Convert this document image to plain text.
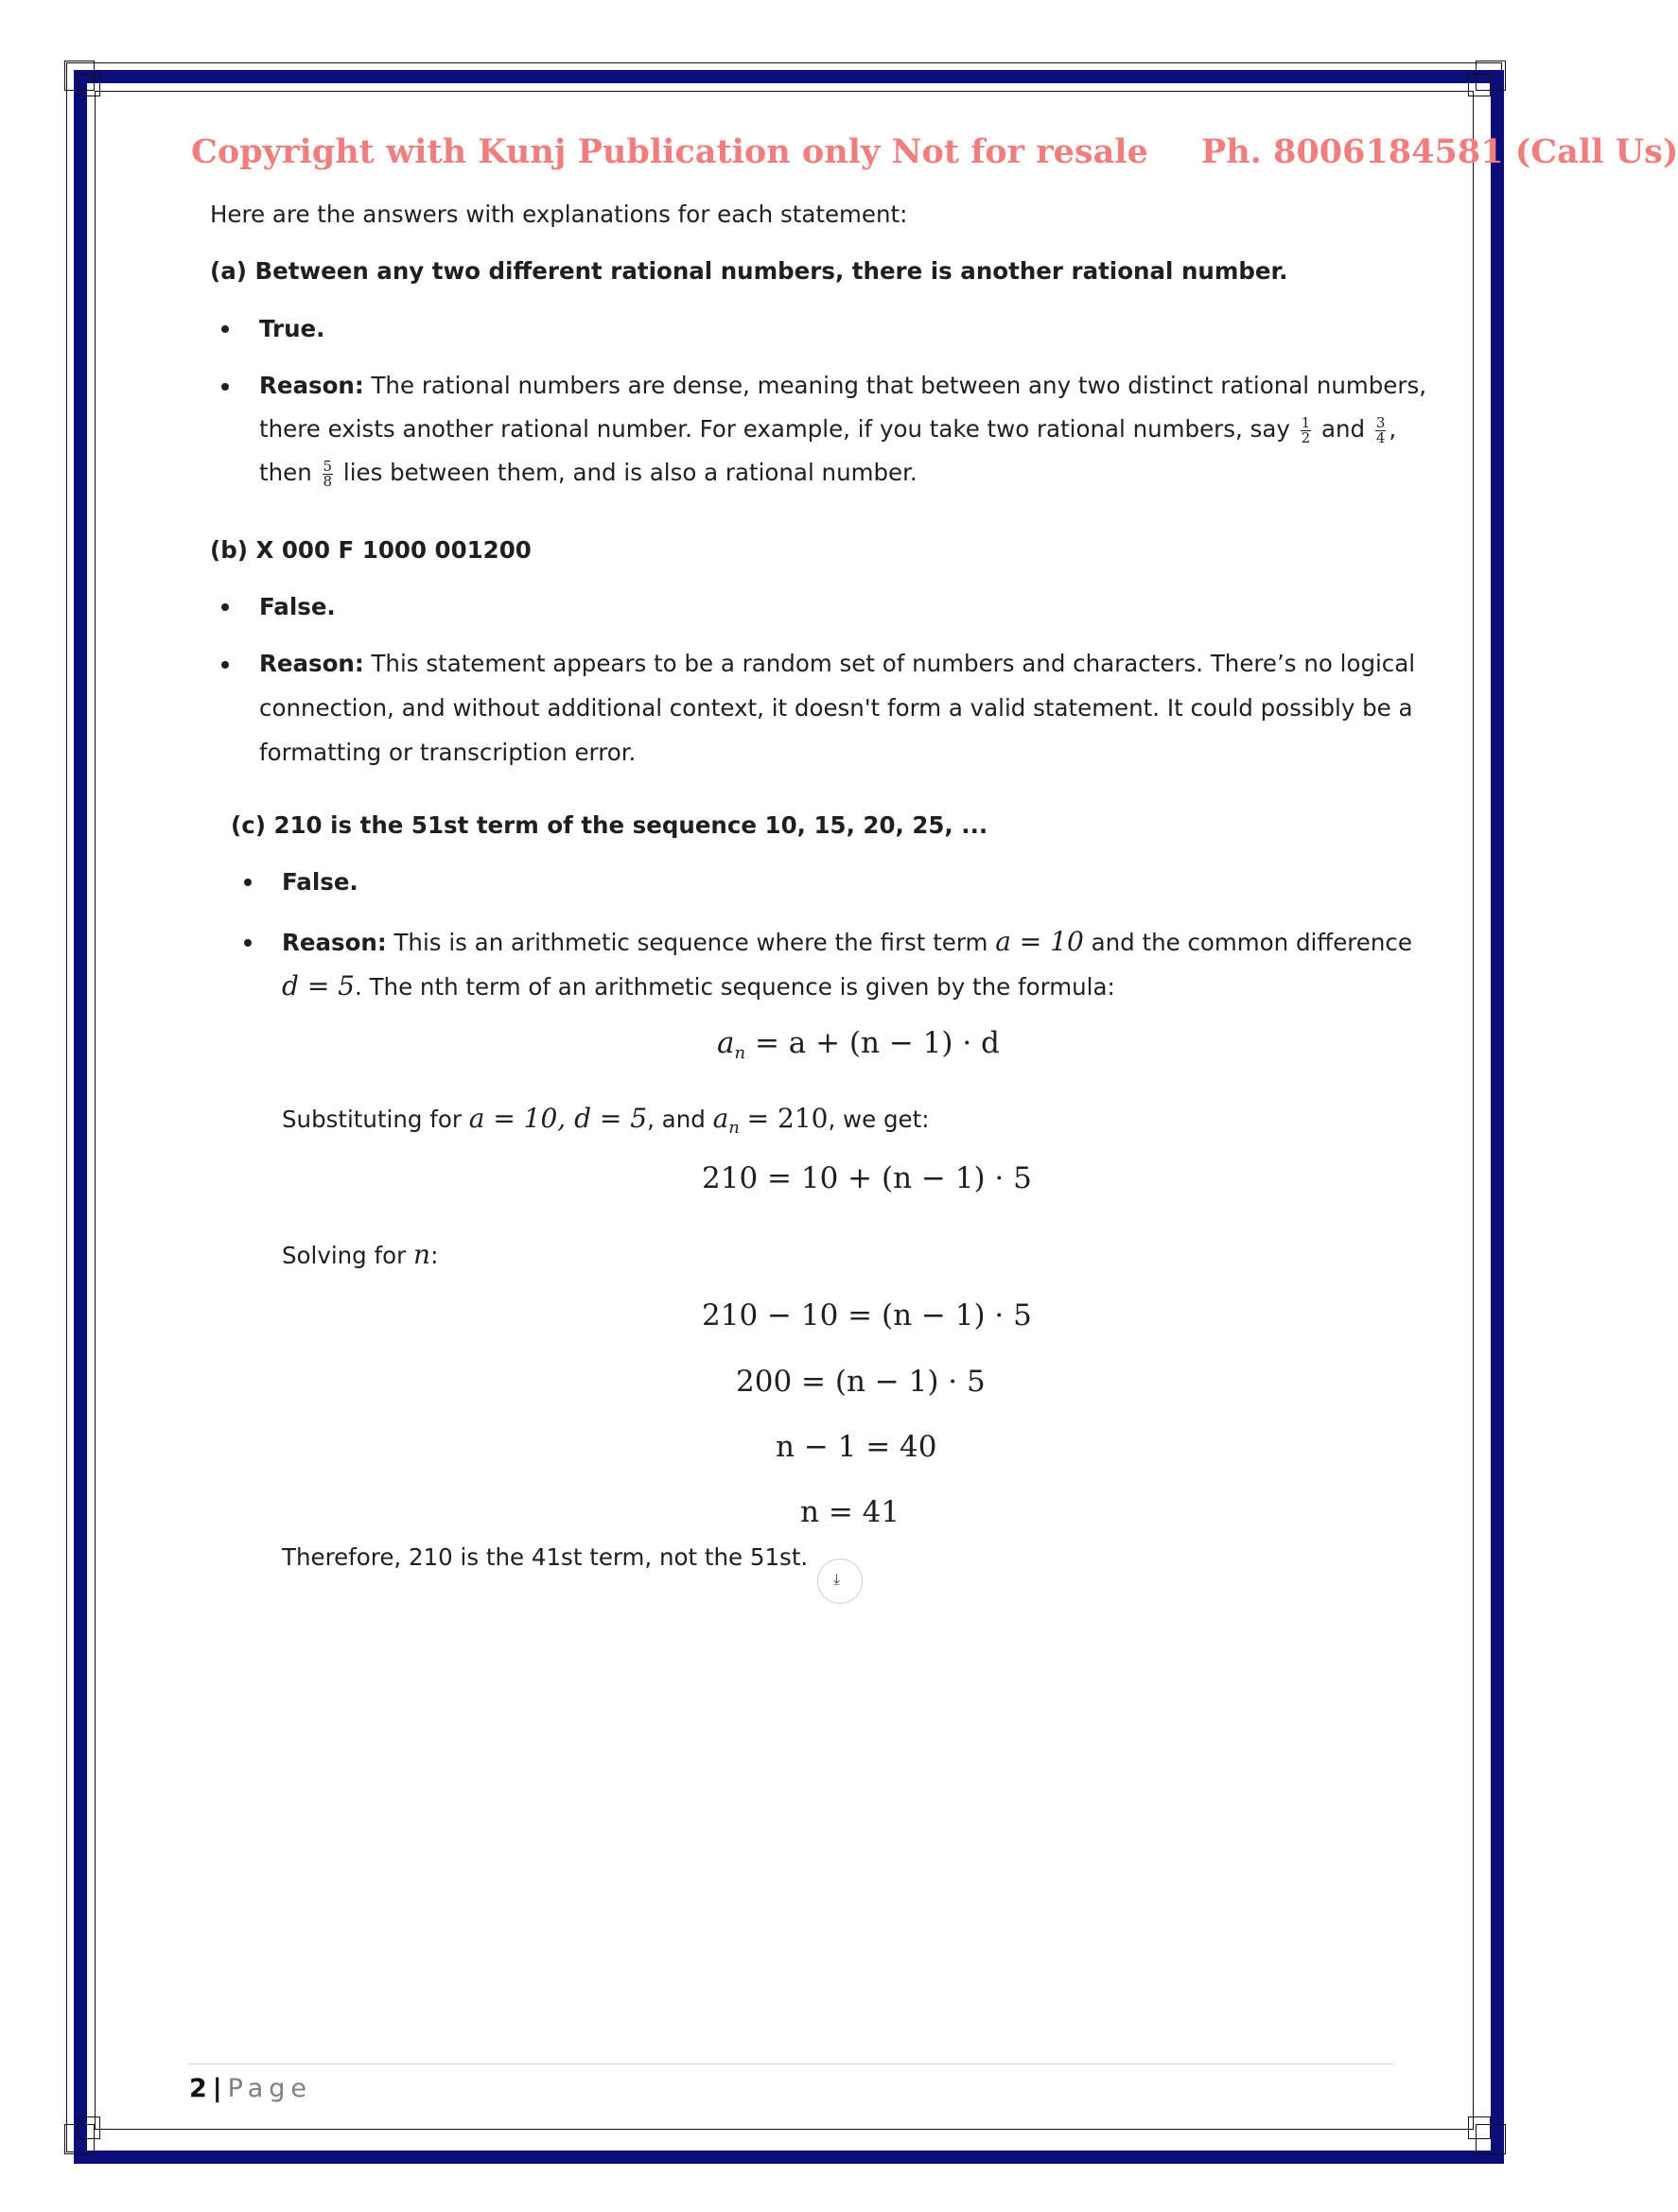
Copyright with Kunj Publication only Not for resale Ph. 8006184581 (Call Us)
Here are the answers with explanations for each statement:
(a) Between any two different rational numbers, there is another rational number.
True.
Reason: The rational numbers are dense, meaning that between any two distinct rational numbers,
there exists another rational number. For example, if you take two rational numbers, say $\frac{1}{2}$ and $\frac{3}{4}$ ,
then $\frac{5}{8}$ lies between them, and is also a rational number.
(b) X 000 F 1000 001200
False.
Reason: This statement appears to be a random set of numbers and characters. There’s no logical
connection, and without additional context, it doesn't form a valid statement. It could possibly be a
formatting or transcription error.
(c) 210 is the 51st term of the sequence 10, 15, 20, 25, ...
False.
Reason: This is an arithmetic sequence where the first term a = 10 and the common difference
d = 5. The nth term of an arithmetic sequence is given by the formula:
$a_n = a + (n - 1) \cdot d$
Substituting for a = 10, d = 5, and $a_n = 210$, we get:
210 = 10 + (n − 1) · 5
Solving for n:
210 − 10 = (n − 1) · 5
200 = (n − 1) · 5
n − 1 = 40
n = 41
Therefore, 210 is the 41st term, not the 51st.
⤓
2 | Page
